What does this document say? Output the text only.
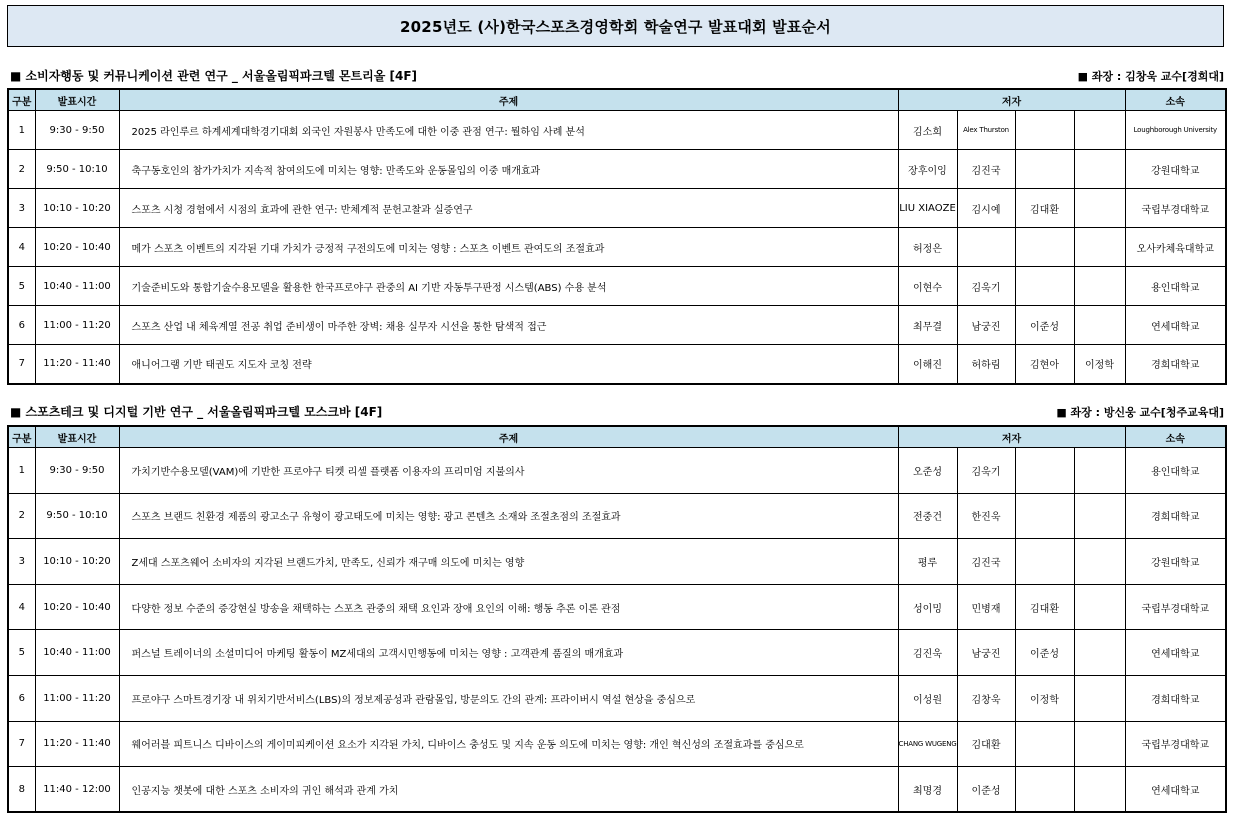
2025년도 (사)한국스포츠경영학회 학술연구 발표대회 발표순서
■ 소비자행동 및 커뮤니케이션 관련 연구 _ 서울올림픽파크텔 몬트리올 [4F]	■ 좌장 : 김창욱 교수[경희대]
구분	발표시간	주제	저자				소속
1	9:30 - 9:50	2025 라인루르 하계세계대학경기대회 외국인 자원봉사 만족도에 대한 이중 관점 연구: 뭘하임 사례 분석	김소희	Alex Thurston			Loughborough University
2	9:50 - 10:10	축구동호인의 참가가치가 지속적 참여의도에 미치는 영향: 만족도와 운동몰입의 이중 매개효과	장후이잉	김진국			강원대학교
3	10:10 - 10:20	스포츠 시청 경험에서 시점의 효과에 관한 연구: 반체계적 문헌고찰과 실증연구	LIU XIAOZE	김시예	김대환		국립부경대학교
4	10:20 - 10:40	메가 스포츠 이벤트의 지각된 기대 가치가 긍정적 구전의도에 미치는 영향 : 스포츠 이벤트 관여도의 조절효과	허정은				오사카체육대학교
5	10:40 - 11:00	기술준비도와 통합기술수용모델을 활용한 한국프로야구 관중의 AI 기반 자동투구판정 시스템(ABS) 수용 분석	이현수	김욱기			용인대학교
6	11:00 - 11:20	스포츠 산업 내 체육계열 전공 취업 준비생이 마주한 장벽: 채용 실무자 시선을 통한 탐색적 접근	최무결	남궁진	이준성		연세대학교
7	11:20 - 11:40	애니어그램 기반 태권도 지도자 코칭 전략	이해진	허하림	김현아	이정학	경희대학교
■ 스포츠테크 및 디지털 기반 연구 _ 서울올림픽파크텔 모스크바 [4F]	■ 좌장 : 방신웅 교수[청주교육대]
구분	발표시간	주제	저자				소속
1	9:30 - 9:50	가치기반수용모델(VAM)에 기반한 프로야구 티켓 리셀 플랫폼 이용자의 프리미엄 지불의사	오준성	김욱기			용인대학교
2	9:50 - 10:10	스포츠 브랜드 친환경 제품의 광고소구 유형이 광고태도에 미치는 영향: 광고 콘텐츠 소재와 조절초점의 조절효과	전중건	한진욱			경희대학교
3	10:10 - 10:20	Z세대 스포츠웨어 소비자의 지각된 브랜드가치, 만족도, 신뢰가 재구매 의도에 미치는 영향	평루	김진국			강원대학교
4	10:20 - 10:40	다양한 정보 수준의 증강현실 방송을 채택하는 스포츠 관중의 채택 요인과 장애 요인의 이해: 행동 추론 이론 관점	성이밍	민병재	김대환		국립부경대학교
5	10:40 - 11:00	퍼스널 트레이너의 소셜미디어 마케팅 활동이 MZ세대의 고객시민행동에 미치는 영향 : 고객관계 품질의 매개효과	김진욱	남궁진	이준성		연세대학교
6	11:00 - 11:20	프로야구 스마트경기장 내 위치기반서비스(LBS)의 정보제공성과 관람몰입, 방문의도 간의 관계: 프라이버시 역설 현상을 중심으로	이성원	김창욱	이정학		경희대학교
7	11:20 - 11:40	웨어러블 피트니스 디바이스의 게이미피케이션 요소가 지각된 가치, 디바이스 충성도 및 지속 운동 의도에 미치는 영향: 개인 혁신성의 조절효과를 중심으로	CHANG WUGENG	김대환			국립부경대학교
8	11:40 - 12:00	인공지능 챗봇에 대한 스포츠 소비자의 귀인 해석과 관계 가치	최명경	이준성			연세대학교
